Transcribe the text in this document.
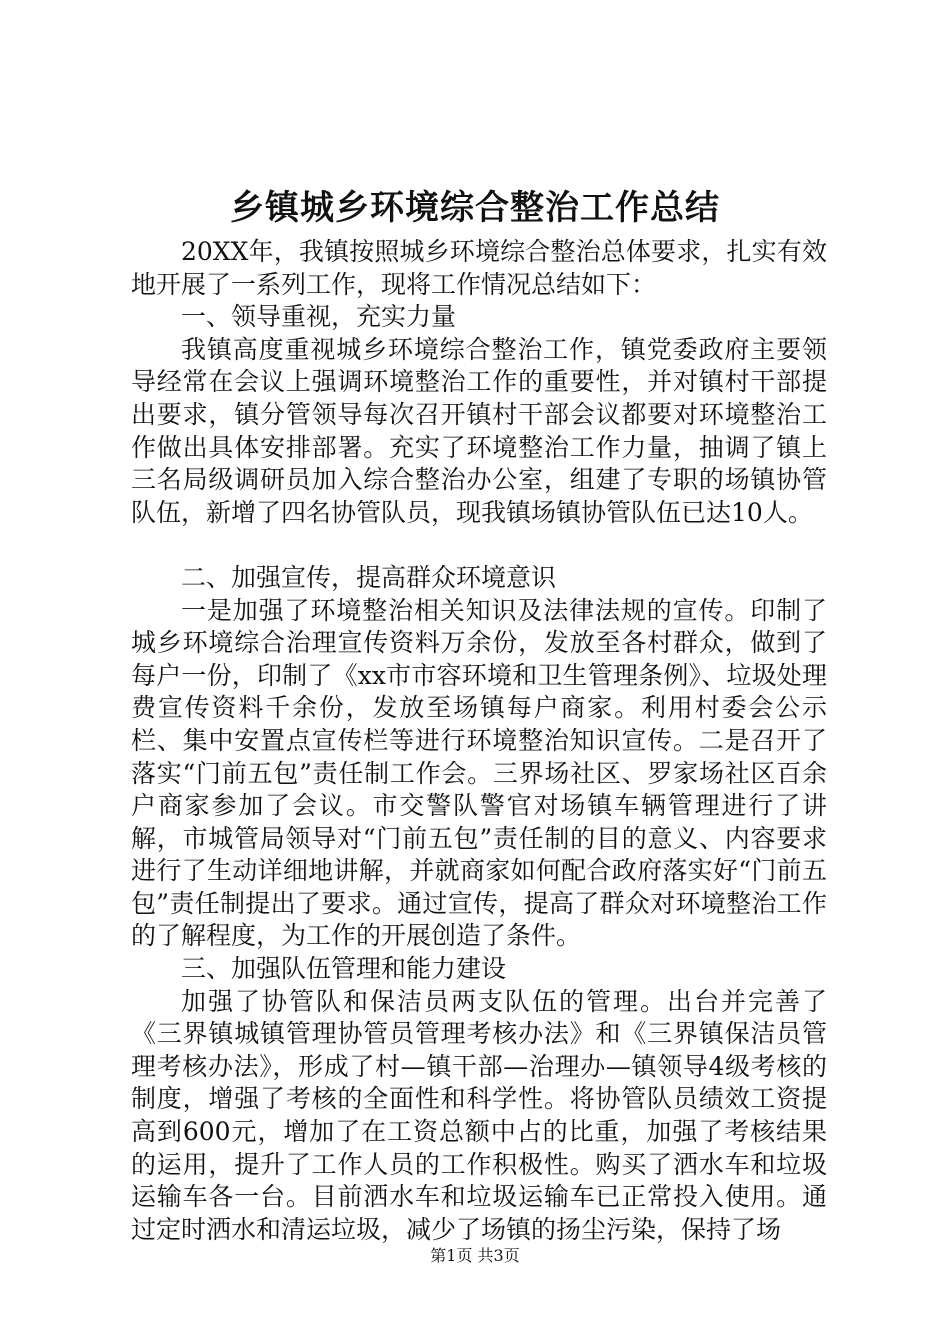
乡镇城乡环境综合整治工作总结

20XX年，我镇按照城乡环境综合整治总体要求，扎实有效地开展了一系列工作，现将工作情况总结如下：

一、领导重视，充实力量

我镇高度重视城乡环境综合整治工作，镇党委政府主要领导经常在会议上强调环境整治工作的重要性，并对镇村干部提出要求，镇分管领导每次召开镇村干部会议都要对环境整治工作做出具体安排部署。充实了环境整治工作力量，抽调了镇上三名局级调研员加入综合整治办公室，组建了专职的场镇协管队伍，新增了四名协管队员，现我镇场镇协管队伍已达10人。

二、加强宣传，提高群众环境意识

一是加强了环境整治相关知识及法律法规的宣传。印制了城乡环境综合治理宣传资料万余份，发放至各村群众，做到了每户一份，印制了《xx市市容环境和卫生管理条例》、垃圾处理费宣传资料千余份，发放至场镇每户商家。利用村委会公示栏、集中安置点宣传栏等进行环境整治知识宣传。二是召开了落实“门前五包”责任制工作会。三界场社区、罗家场社区百余户商家参加了会议。市交警队警官对场镇车辆管理进行了讲解，市城管局领导对“门前五包”责任制的目的意义、内容要求进行了生动详细地讲解，并就商家如何配合政府落实好“门前五包”责任制提出了要求。通过宣传，提高了群众对环境整治工作的了解程度，为工作的开展创造了条件。

三、加强队伍管理和能力建设

加强了协管队和保洁员两支队伍的管理。出台并完善了《三界镇城镇管理协管员管理考核办法》和《三界镇保洁员管理考核办法》，形成了村—镇干部—治理办—镇领导4级考核的制度，增强了考核的全面性和科学性。将协管队员绩效工资提高到600元，增加了在工资总额中占的比重，加强了考核结果的运用，提升了工作人员的工作积极性。购买了洒水车和垃圾运输车各一台。目前洒水车和垃圾运输车已正常投入使用。通过定时洒水和清运垃圾，减少了场镇的扬尘污染，保持了场

第1页 共3页
